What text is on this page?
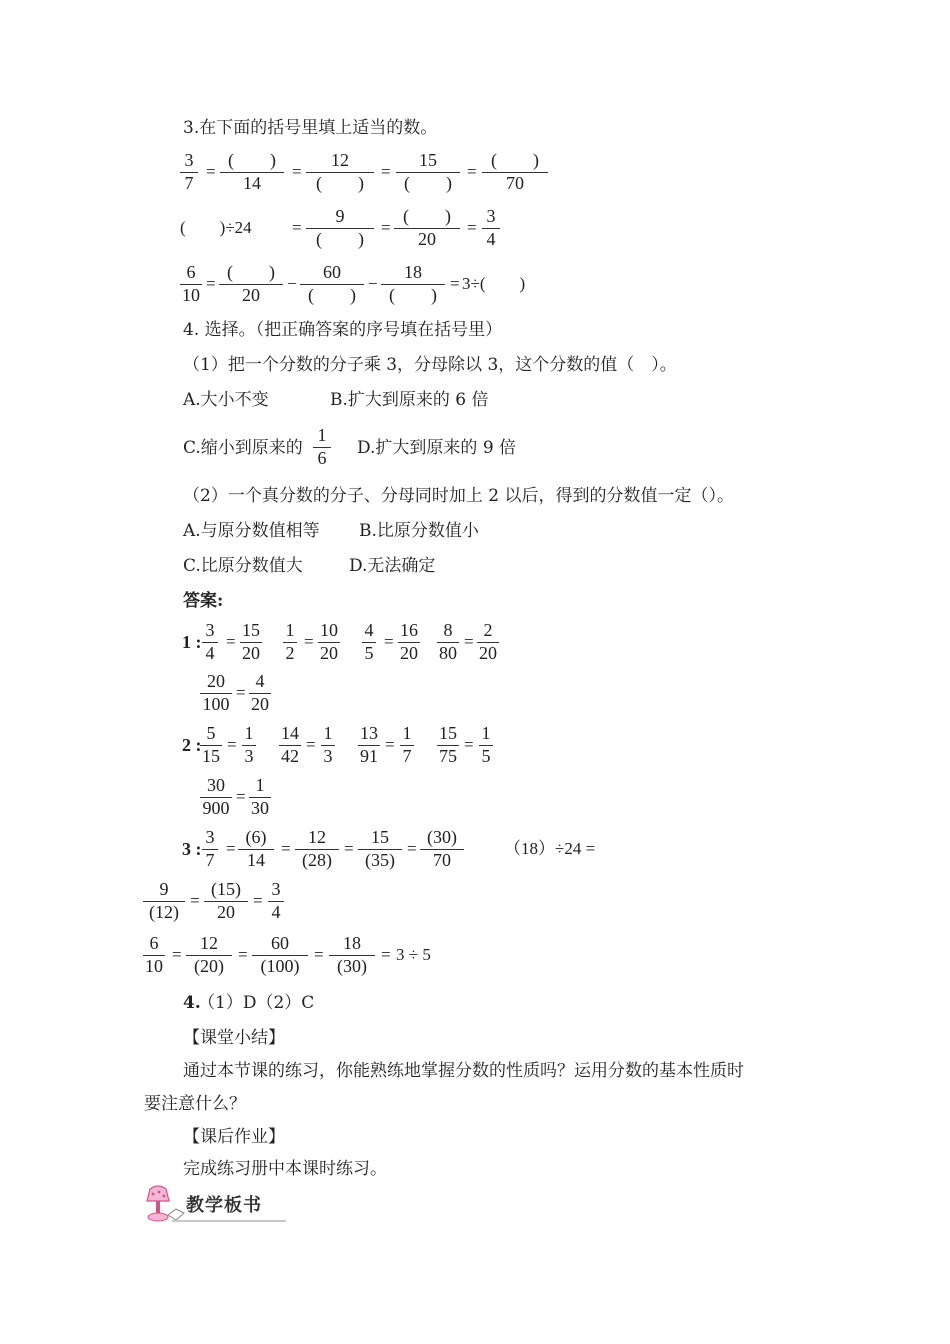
3.在下面的括号里填上适当的数。
3
7
=
(　　)
14
=
12
(　　)
=
15
(　　)
=
(　　)
70
(　　)÷24 =
9
(　　)
=
(　　)
20
=
3
4
6
10
=
(　　)
20
−
60
(　　)
−
18
(　　)
= 3÷(　　)
4. 选择。（把正确答案的序号填在括号里）
（1）把一个分数的分子乘 3，分母除以 3，这个分数的值（　）。
A.大小不变	B.扩大到原来的 6 倍
C.缩小到原来的
1
6 D.扩大到原来的 9 倍
（2）一个真分数的分子、分母同时加上 2 以后，得到的分数值一定（）。
A.与原分数值相等 B.比原分数值小
C.比原分数值大	D.无法确定
答案:
1 :
3
4
=
15
20
1
2
=
10
20
4
5
=
16
20
8
80
=
2
20
20
100
=
4
20
2 :
5
15
=
1
3
14
42
=
1
3
13
91
=
1
7
15
75
=
1
5
30
900
=
1
30
3 :
3
7
=
(6)
14
=
12
(28)
=
15
(35)
=
(30)
70
（18）÷24 =
9
(12)
=
(15)
20
=
3
4
6
10
=
12
(20)
=
60
(100)
=
18
(30)
= 3 ÷ 5
4.
（1）D（2）C
【课堂小结】
通过本节课的练习，你能熟练地掌握分数的性质吗？运用分数的基本性质时
要注意什么？
【课后作业】
完成练习册中本课时练习。
教学板书
